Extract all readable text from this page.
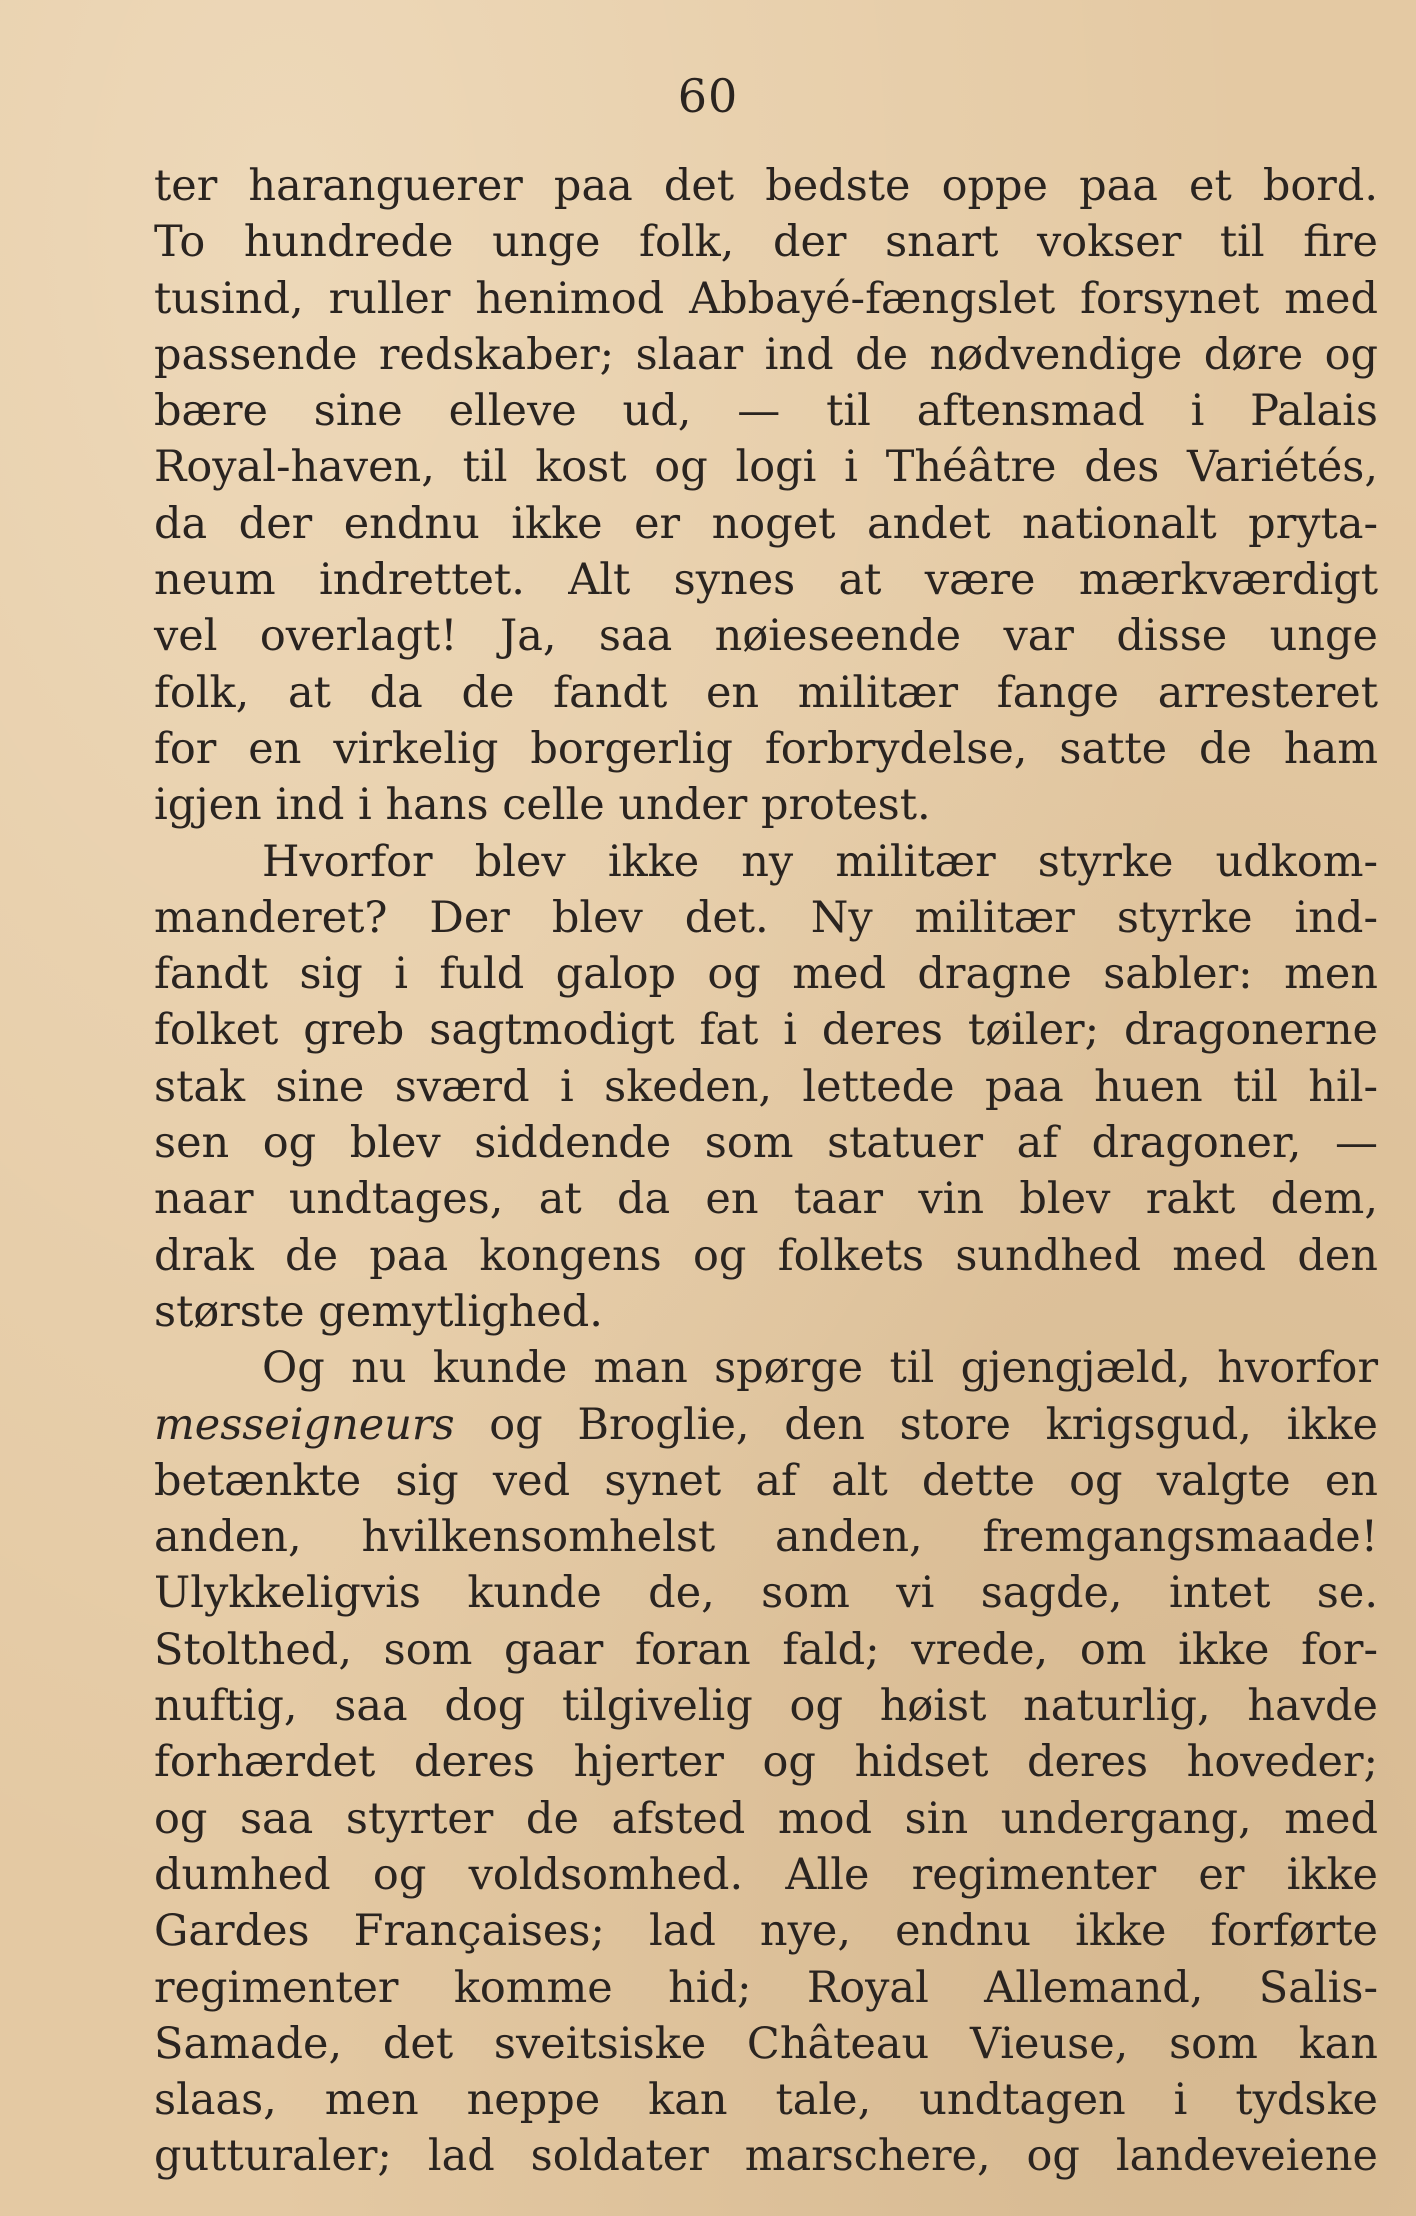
60
ter haranguerer paa det bedste oppe paa et bord.
To hundrede unge folk, der snart vokser til fire
tusind, ruller henimod Abbayé-fængslet forsynet med
passende redskaber; slaar ind de nødvendige døre og
bære sine elleve ud, — til aftensmad i Palais
Royal-haven, til kost og logi i Théâtre des Variétés,
da der endnu ikke er noget andet nationalt pryta-
neum indrettet. Alt synes at være mærkværdigt
vel overlagt! Ja, saa nøieseende var disse unge
folk, at da de fandt en militær fange arresteret
for en virkelig borgerlig forbrydelse, satte de ham
igjen ind i hans celle under protest.
Hvorfor blev ikke ny militær styrke udkom-
manderet? Der blev det. Ny militær styrke ind-
fandt sig i fuld galop og med dragne sabler: men
folket greb sagtmodigt fat i deres tøiler; dragonerne
stak sine sværd i skeden, lettede paa huen til hil-
sen og blev siddende som statuer af dragoner, —
naar undtages, at da en taar vin blev rakt dem,
drak de paa kongens og folkets sundhed med den
største gemytlighed.
Og nu kunde man spørge til gjengjæld, hvorfor
messeigneurs og Broglie, den store krigsgud, ikke
betænkte sig ved synet af alt dette og valgte en
anden, hvilkensomhelst anden, fremgangsmaade!
Ulykkeligvis kunde de, som vi sagde, intet se.
Stolthed, som gaar foran fald; vrede, om ikke for-
nuftig, saa dog tilgivelig og høist naturlig, havde
forhærdet deres hjerter og hidset deres hoveder;
og saa styrter de afsted mod sin undergang, med
dumhed og voldsomhed. Alle regimenter er ikke
Gardes Françaises; lad nye, endnu ikke forførte
regimenter komme hid; Royal Allemand, Salis-
Samade, det sveitsiske Château Vieuse, som kan
slaas, men neppe kan tale, undtagen i tydske
gutturaler; lad soldater marschere, og landeveiene
